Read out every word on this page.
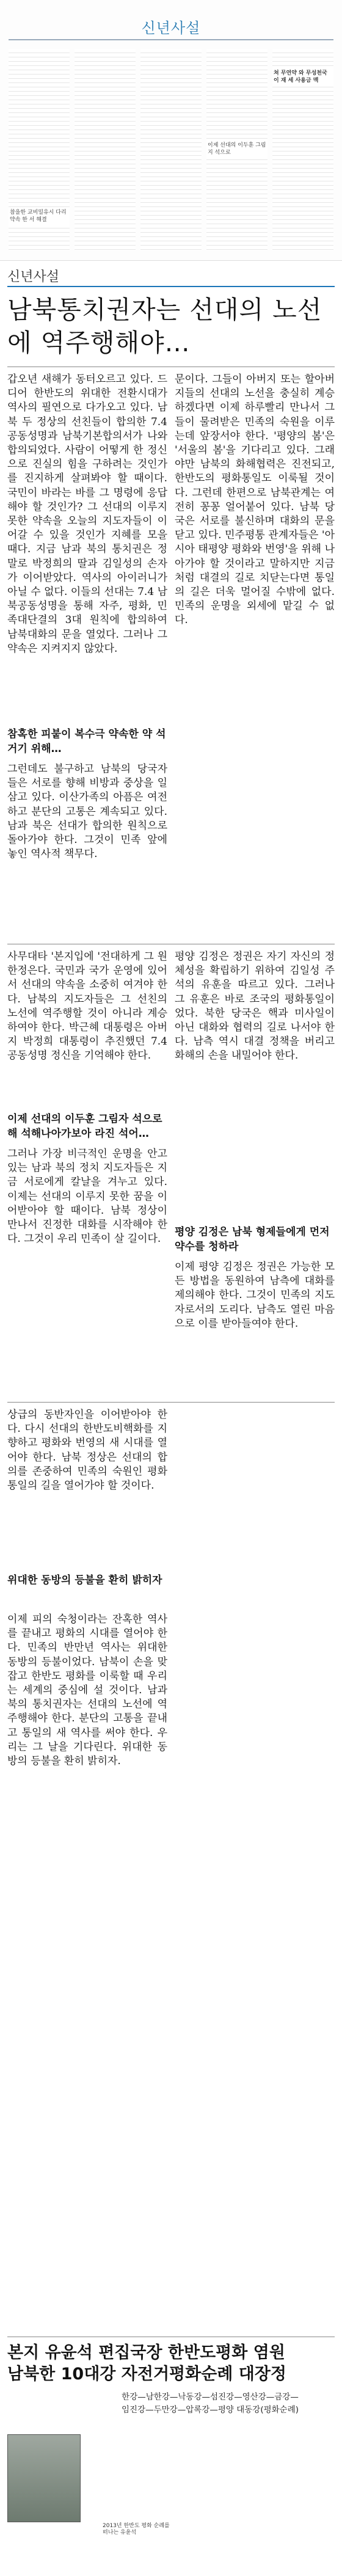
신년사설
참을한 교비밀유시 다리 약속 한 서 해결
이제 선대의 이두훈 그림 지 석으로
쳐 무연약 와 무성천국이 재 세 사용금 맥
신년사설
남북통치권자는 선대의 노선에 역주행해야…
갑오년 새해가 동터오르고 있다. 드디어 한반도의 위대한 전환시대가 역사의 필연으로 다가오고 있다. 남북 두 정상의 선친들이 합의한 7.4공동성명과 남북기본합의서가 나와 합의되었다. 사람이 어떻게 한 정신으로 진실의 힘을 구하려는 것인가를 진지하게 살펴봐야 할 때이다. 국민이 바라는 바를 그 명령에 응답해야 할 것인가? 그 선대의 이루지 못한 약속을 오늘의 지도자들이 이어갈 수 있을 것인가 지혜를 모을 때다. 지금 남과 북의 통치권은 정말로 박정희의 딸과 김일성의 손자가 이어받았다. 역사의 아이러니가 아닐 수 없다. 이들의 선대는 7.4 남북공동성명을 통해 자주, 평화, 민족대단결의 3대 원칙에 합의하여 남북대화의 문을 열었다. 그러나 그 약속은 지켜지지 않았다.
문이다. 그들이 아버지 또는 할아버지들의 선대의 노선을 충실히 계승하겠다면 이제 하루빨리 만나서 그들이 물려받은 민족의 숙원을 이루는데 앞장서야 한다. '평양의 봄'은 '서울의 봄'을 기다리고 있다. 그래야만 남북의 화해협력은 진전되고, 한반도의 평화통일도 이룩될 것이다. 그런데 한편으로 남북관계는 여전히 꽁꽁 얼어붙어 있다. 남북 당국은 서로를 불신하며 대화의 문을 닫고 있다. 민주평통 관계자들은 '아시아 태평양 평화와 번영'을 위해 나아가야 할 것이라고 말하지만 지금처럼 대결의 길로 치닫는다면 통일의 길은 더욱 멀어질 수밖에 없다. 민족의 운명을 외세에 맡길 수 없다.
참혹한 피붙이 복수극 약속한 약 석거기 위해…
그런데도 불구하고 남북의 당국자들은 서로를 향해 비방과 중상을 일삼고 있다. 이산가족의 아픔은 여전하고 분단의 고통은 계속되고 있다. 남과 북은 선대가 합의한 원칙으로 돌아가야 한다. 그것이 민족 앞에 놓인 역사적 책무다.
사무대타 '본지입에 '전대하게 그 원 한정은다. 국민과 국가 운영에 있어서 선대의 약속을 소중히 여겨야 한다. 남북의 지도자들은 그 선친의 노선에 역주행할 것이 아니라 계승하여야 한다. 박근혜 대통령은 아버지 박정희 대통령이 추진했던 7.4 공동성명 정신을 기억해야 한다.
이제 선대의 이두훈 그림자 석으로 해 석해나아가보아 라진 석어…
그러나 가장 비극적인 운명을 안고 있는 남과 북의 정치 지도자들은 지금 서로에게 칼날을 겨누고 있다. 이제는 선대의 이루지 못한 꿈을 이어받아야 할 때이다. 남북 정상이 만나서 진정한 대화를 시작해야 한다. 그것이 우리 민족이 살 길이다.
평양 김정은 정권은 자기 자신의 정체성을 확립하기 위하여 김일성 주석의 유훈을 따르고 있다. 그러나 그 유훈은 바로 조국의 평화통일이었다. 북한 당국은 핵과 미사일이 아닌 대화와 협력의 길로 나서야 한다. 남측 역시 대결 정책을 버리고 화해의 손을 내밀어야 한다.
평양 김정은 남북 형제들에게 먼저 약수를 청하라
이제 평양 김정은 정권은 가능한 모든 방법을 동원하여 남측에 대화를 제의해야 한다. 그것이 민족의 지도자로서의 도리다. 남측도 열린 마음으로 이를 받아들여야 한다.
상급의 동반자인을 이어받아야 한다. 다시 선대의 한반도비핵화를 지향하고 평화와 번영의 새 시대를 열어야 한다. 남북 정상은 선대의 합의를 존중하여 민족의 숙원인 평화통일의 길을 열어가야 할 것이다.
위대한 동방의 등불을 환히 밝히자
이제 피의 숙청이라는 잔혹한 역사를 끝내고 평화의 시대를 열어야 한다. 민족의 반만년 역사는 위대한 동방의 등불이었다. 남북이 손을 맞잡고 한반도 평화를 이룩할 때 우리는 세계의 중심에 설 것이다. 남과 북의 통치권자는 선대의 노선에 역주행해야 한다. 분단의 고통을 끝내고 통일의 새 역사를 써야 한다. 우리는 그 날을 기다린다. 위대한 동방의 등불을 환히 밝히자.
본지 유윤석 편집국장 한반도평화 염원
남북한 10대강 자전거평화순례 대장정
한강—남한강—낙동강—섬진강—영산강—금강—
임진강—두만강—압록강—평양 대동강(평화순례)
2013년 한반도 평화 순례를 떠나는 유윤석
